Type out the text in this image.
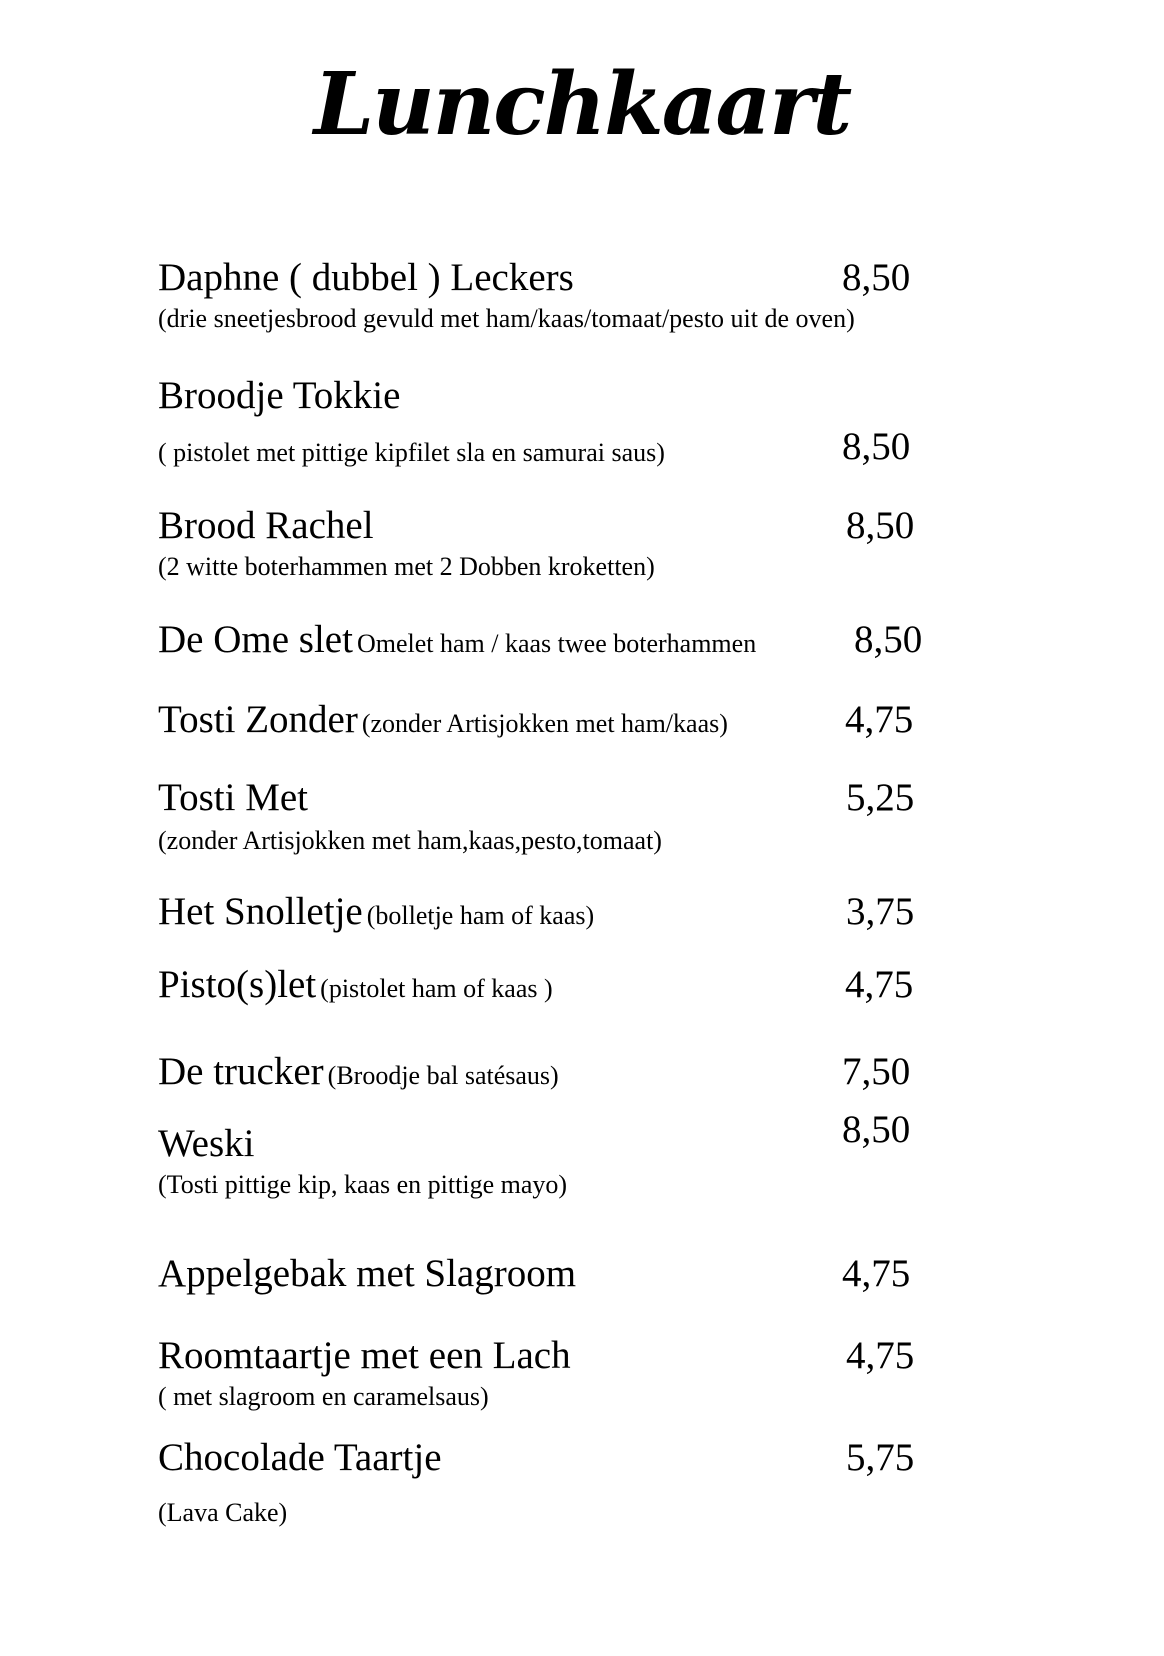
Lunchkaart
Daphne ( dubbel ) Leckers	8,50
(drie sneetjesbrood gevuld met ham/kaas/tomaat/pesto uit de oven)
Broodje Tokkie
( pistolet met pittige kipfilet sla en samurai saus)	8,50
Brood Rachel	8,50
(2 witte boterhammen met 2 Dobben kroketten)
De Ome slet Omelet ham / kaas twee boterhammen	8,50
Tosti Zonder (zonder Artisjokken met ham/kaas)	4,75
Tosti Met	5,25
(zonder Artisjokken met ham,kaas,pesto,tomaat)
Het Snolletje (bolletje ham of kaas)	3,75
Pisto(s)let (pistolet ham of kaas )	4,75
De trucker (Broodje bal satésaus)	7,50
Weski	8,50
(Tosti pittige kip, kaas en pittige mayo)
Appelgebak met Slagroom	4,75
Roomtaartje met een Lach	4,75
( met slagroom en caramelsaus)
Chocolade Taartje	5,75
(Lava Cake)
